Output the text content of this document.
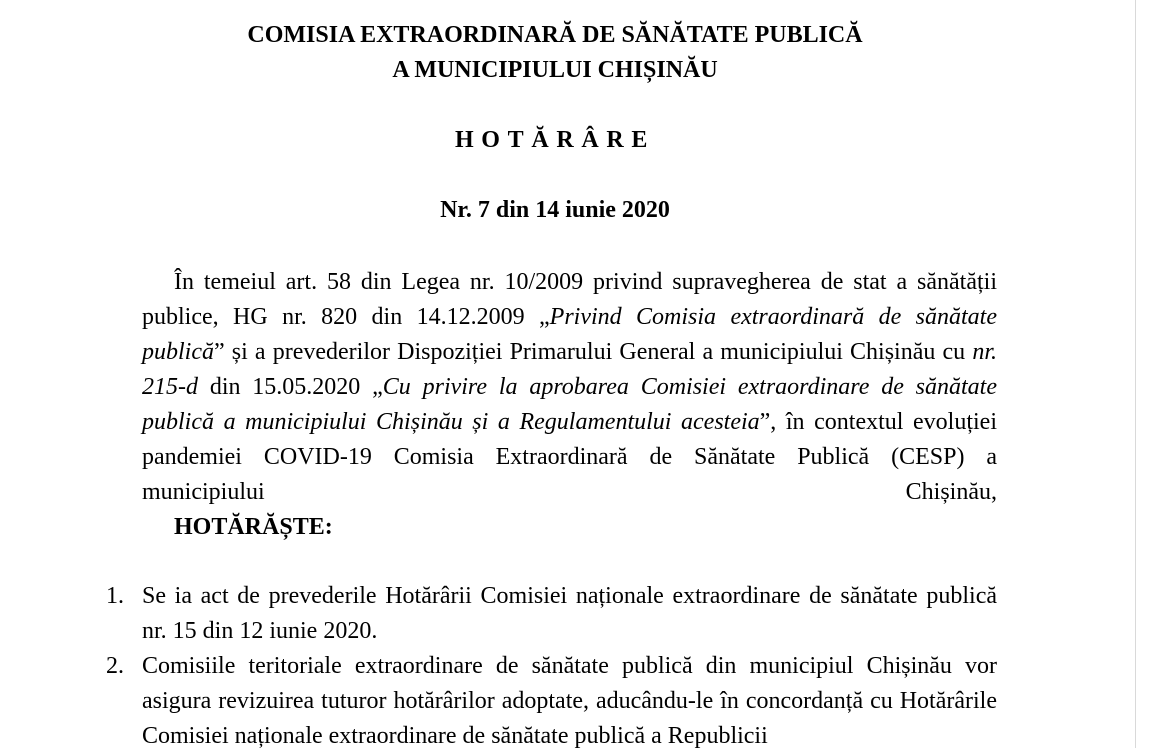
COMISIA EXTRAORDINARĂ DE SĂNĂTATE PUBLICĂ
A MUNICIPIULUI CHIȘINĂU
HOTĂRÂRE
Nr. 7 din 14 iunie 2020

În temeiul art. 58 din Legea nr. 10/2009 privind supravegherea de stat a sănătății publice, HG nr. 820 din 14.12.2009 „Privind Comisia extraordinară de sănătate publică” și a prevederilor Dispoziției Primarului General a municipiului Chișinău cu nr. 215-d din 15.05.2020 „Cu privire la aprobarea Comisiei extraordinare de sănătate publică a municipiului Chișinău și a Regulamentului acesteia”, în contextul evoluției pandemiei COVID-19 Comisia Extraordinară de Sănătate Publică (CESP) a municipiului Chișinău,
HOTĂRĂȘTE:

1. Se ia act de prevederile Hotărârii Comisiei naționale extraordinare de sănătate publică nr. 15 din 12 iunie 2020.
2. Comisiile teritoriale extraordinare de sănătate publică din municipiul Chișinău vor asigura revizuirea tuturor hotărârilor adoptate, aducându-le în concordanță cu Hotărârile Comisiei naționale extraordinare de sănătate publică a Republicii
